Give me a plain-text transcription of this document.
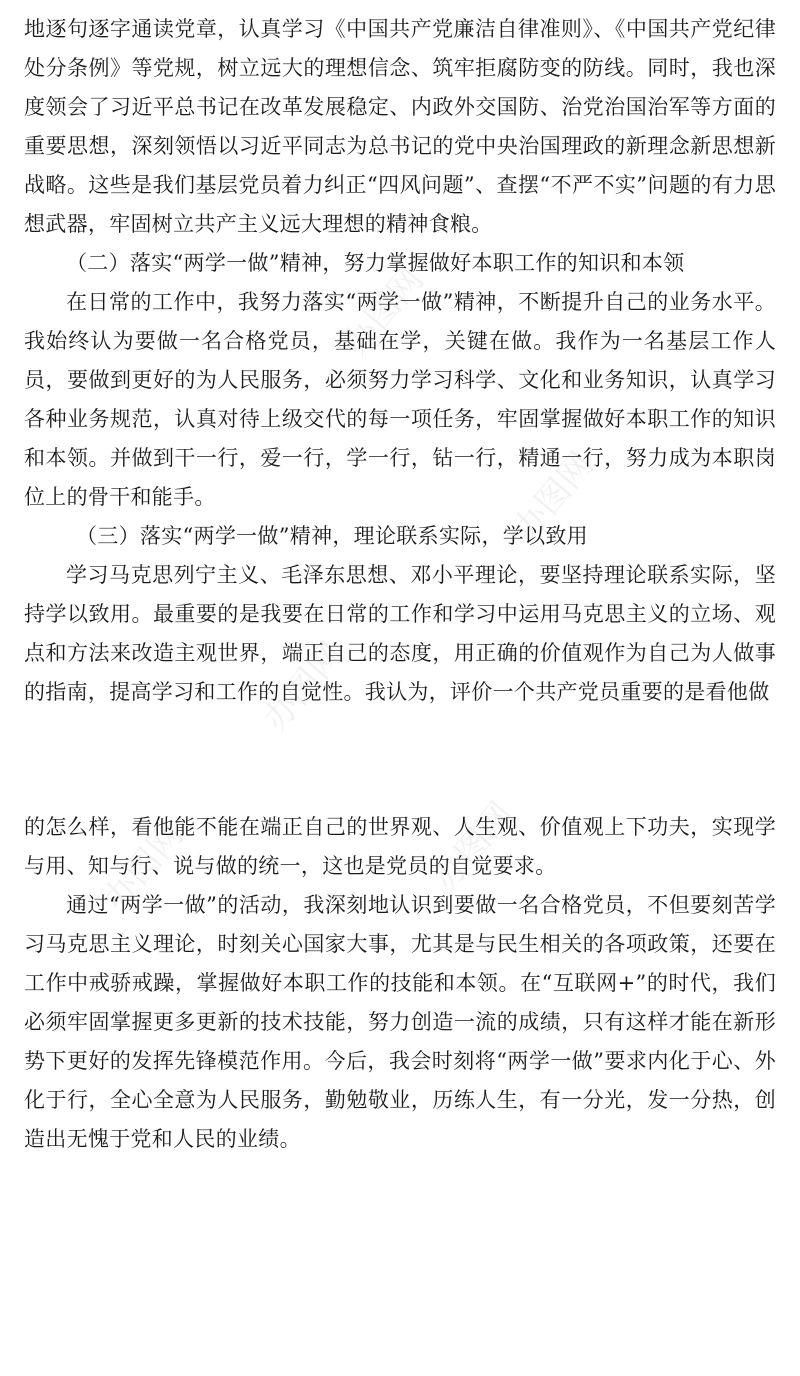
办图网
办图网
办图网
办图网	办图网

地逐句逐字通读党章，认真学习《中国共产党廉洁自律准则》、《中国共产党纪律处分条例》等党规，树立远大的理想信念、筑牢拒腐防变的防线。同时，我也深度领会了习近平总书记在改革发展稳定、内政外交国防、治党治国治军等方面的重要思想，深刻领悟以习近平同志为总书记的党中央治国理政的新理念新思想新战略。这些是我们基层党员着力纠正“四风问题”、查摆“不严不实”问题的有力思想武器，牢固树立共产主义远大理想的精神食粮。

（二）落实“两学一做”精神，努力掌握做好本职工作的知识和本领

在日常的工作中，我努力落实“两学一做”精神，不断提升自己的业务水平。我始终认为要做一名合格党员，基础在学，关键在做。我作为一名基层工作人员，要做到更好的为人民服务，必须努力学习科学、文化和业务知识，认真学习各种业务规范，认真对待上级交代的每一项任务，牢固掌握做好本职工作的知识和本领。并做到干一行，爱一行，学一行，钻一行，精通一行，努力成为本职岗位上的骨干和能手。

（三）落实“两学一做”精神，理论联系实际，学以致用

学习马克思列宁主义、毛泽东思想、邓小平理论，要坚持理论联系实际，坚持学以致用。最重要的是我要在日常的工作和学习中运用马克思主义的立场、观点和方法来改造主观世界，端正自己的态度，用正确的价值观作为自己为人做事的指南，提高学习和工作的自觉性。我认为，评价一个共产党员重要的是看他做

的怎么样，看他能不能在端正自己的世界观、人生观、价值观上下功夫，实现学与用、知与行、说与做的统一，这也是党员的自觉要求。

通过“两学一做”的活动，我深刻地认识到要做一名合格党员，不但要刻苦学习马克思主义理论，时刻关心国家大事，尤其是与民生相关的各项政策，还要在工作中戒骄戒躁，掌握做好本职工作的技能和本领。在“互联网+”的时代，我们必须牢固掌握更多更新的技术技能，努力创造一流的成绩，只有这样才能在新形势下更好的发挥先锋模范作用。今后，我会时刻将“两学一做”要求内化于心、外化于行，全心全意为人民服务，勤勉敬业，历练人生，有一分光，发一分热，创造出无愧于党和人民的业绩。
